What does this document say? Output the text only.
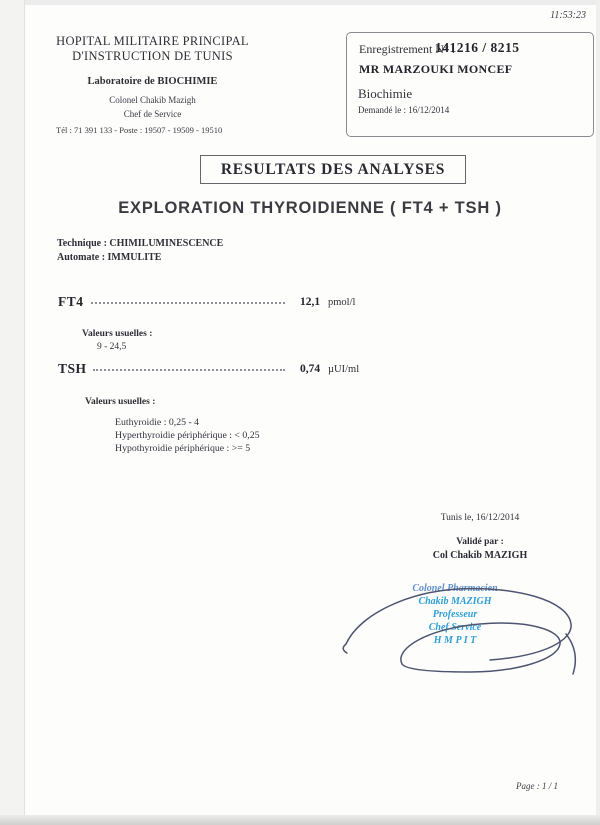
11:53:23
HOPITAL MILITAIRE PRINCIPAL
D'INSTRUCTION DE TUNIS
Laboratoire de BIOCHIMIE
Colonel Chakib Mazigh
Chef de Service
Tél : 71 391 133 - Poste : 19507 - 19509 - 19510
Enregistrement N° :
141216 / 8215
MR MARZOUKI MONCEF
Biochimie
Demandé le : 16/12/2014
RESULTATS DES ANALYSES
EXPLORATION THYROIDIENNE ( FT4 + TSH )
Technique : CHIMILUMINESCENCE
Automate : IMMULITE
FT4	12,1 pmol/l
Valeurs usuelles :
9 - 24,5
TSH	0,74 µUI/ml
Valeurs usuelles :
Euthyroidie : 0,25 - 4
Hyperthyroidie périphérique : < 0,25
Hypothyroidie périphérique : >= 5
Tunis le, 16/12/2014
Validé par :
Col Chakib MAZIGH
Colonel Pharmacien
Chakib MAZIGH
Professeur
Chef Service
H M P I T
Page : 1 / 1
